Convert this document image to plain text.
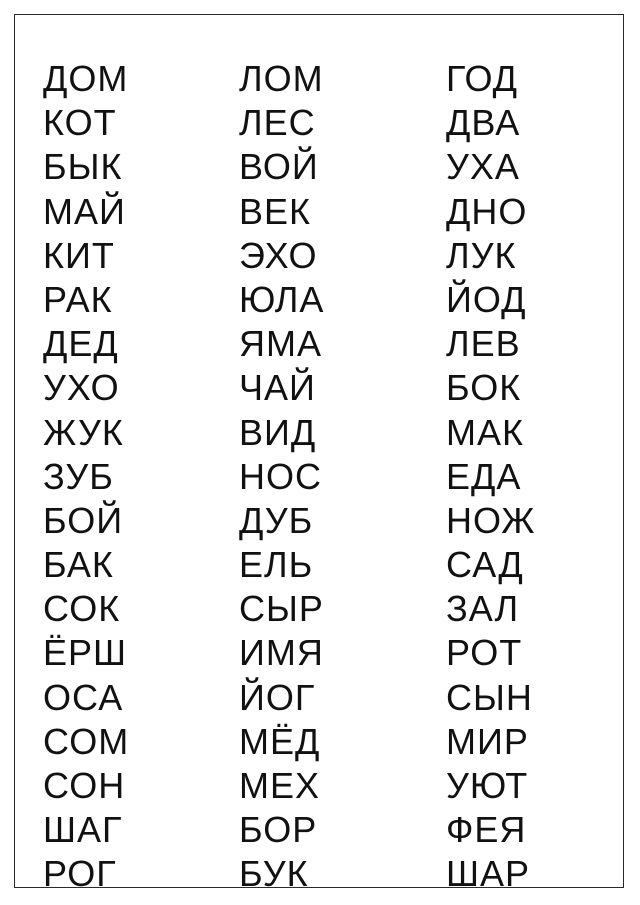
ДОМ
КОТ
БЫК
МАЙ
КИТ
РАК
ДЕД
УХО
ЖУК
ЗУБ
БОЙ
БАК
СОК
ЁРШ
ОСА
СОМ
СОН
ШАГ
РОГ
ЛОМ
ЛЕС
ВОЙ
ВЕК
ЭХО
ЮЛА
ЯМА
ЧАЙ
ВИД
НОС
ДУБ
ЕЛЬ
СЫР
ИМЯ
ЙОГ
МЁД
МЕХ
БОР
БУК
ГОД
ДВА
УХА
ДНО
ЛУК
ЙОД
ЛЕВ
БОК
МАК
ЕДА
НОЖ
САД
ЗАЛ
РОТ
СЫН
МИР
УЮТ
ФЕЯ
ШАР
